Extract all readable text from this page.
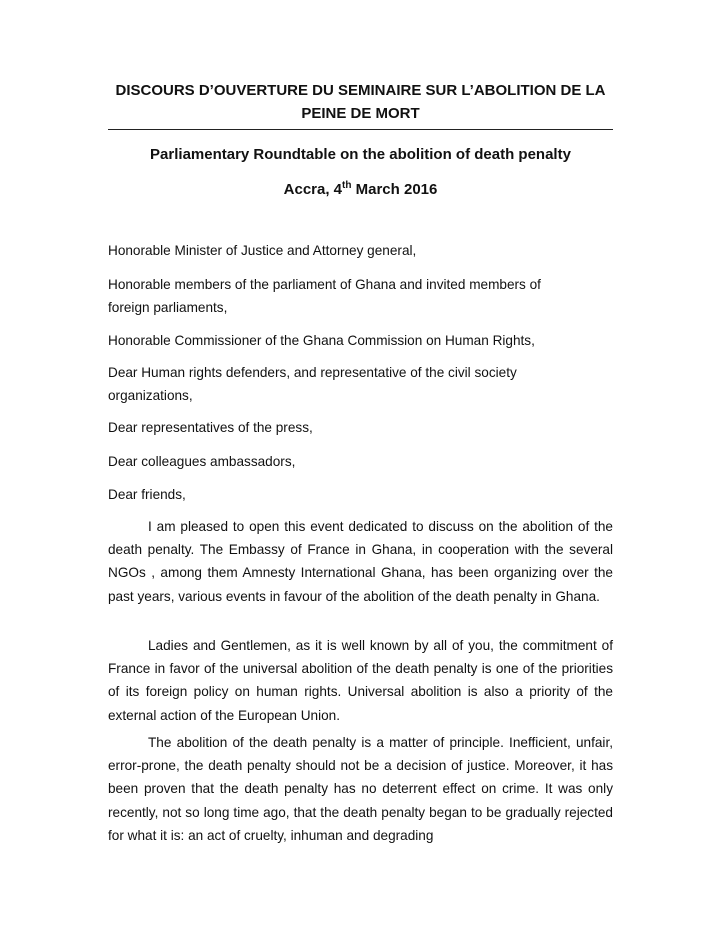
DISCOURS D’OUVERTURE DU SEMINAIRE SUR L’ABOLITION DE LA PEINE DE MORT
Parliamentary Roundtable on the abolition of death penalty
Accra, 4th March 2016
Honorable Minister of Justice and Attorney general,
Honorable members of the parliament of Ghana and invited members of foreign parliaments,
Honorable Commissioner of the Ghana Commission on Human Rights,
Dear Human rights defenders, and representative of the civil society organizations,
Dear representatives of the press,
Dear colleagues ambassadors,
Dear friends,
I am pleased to open this event dedicated to discuss on the abolition of the death penalty. The Embassy of France in Ghana, in cooperation with the several NGOs , among them Amnesty International Ghana, has been organizing over the past years, various events in favour of the abolition of the death penalty in Ghana.
Ladies and Gentlemen, as it is well known by all of you, the commitment of France in favor of the universal abolition of the death penalty is one of the priorities of its foreign policy on human rights. Universal abolition is also a priority of the external action of the European Union.
The abolition of the death penalty is a matter of principle. Inefficient, unfair, error-prone, the death penalty should not be a decision of justice. Moreover, it has been proven that the death penalty has no deterrent effect on crime. It was only recently, not so long time ago, that the death penalty began to be gradually rejected for what it is: an act of cruelty, inhuman and degrading
